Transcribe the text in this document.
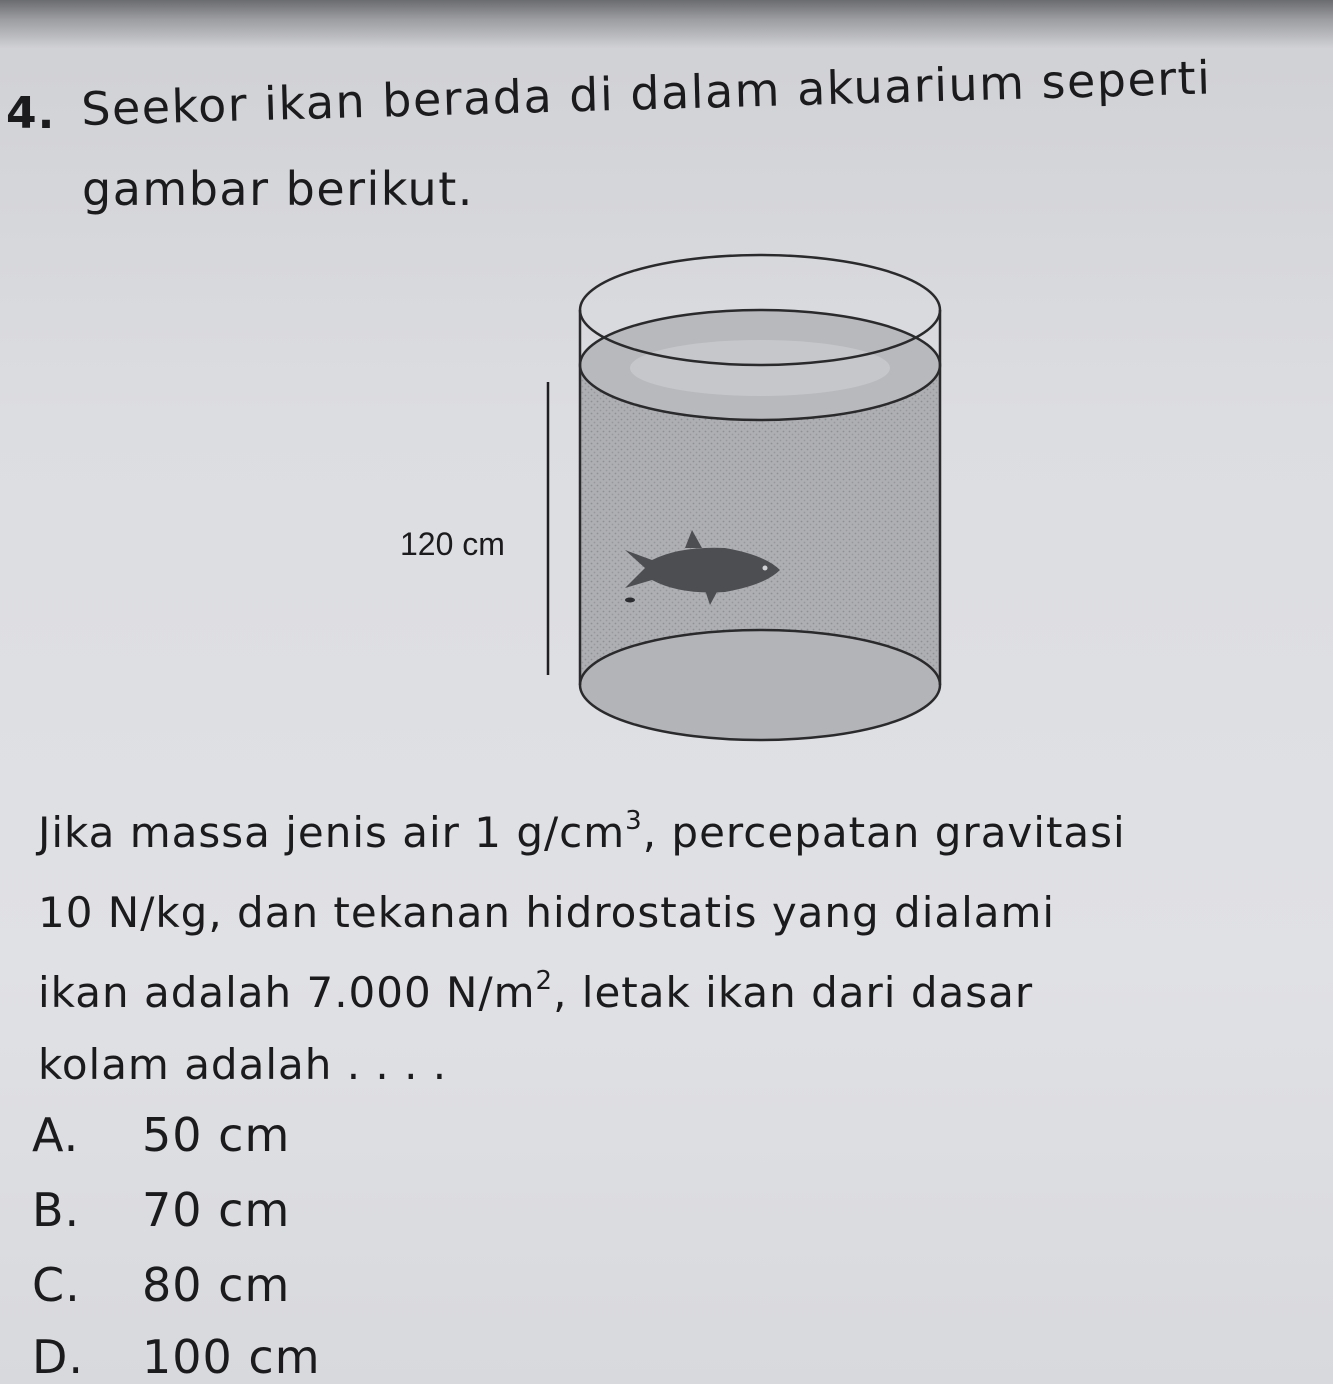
4. Seekor ikan berada di dalam akuarium seperti
gambar berikut.
120 cm
Jika massa jenis air 1 $g/cm^3$, percepatan gravitasi
10 N/kg, dan tekanan hidrostatis yang dialami
ikan adalah 7.000 $N/m^2$, letak ikan dari dasar
kolam adalah . . . .
A. 50 cm
B. 70 cm
C. 80 cm
D. 100 cm
